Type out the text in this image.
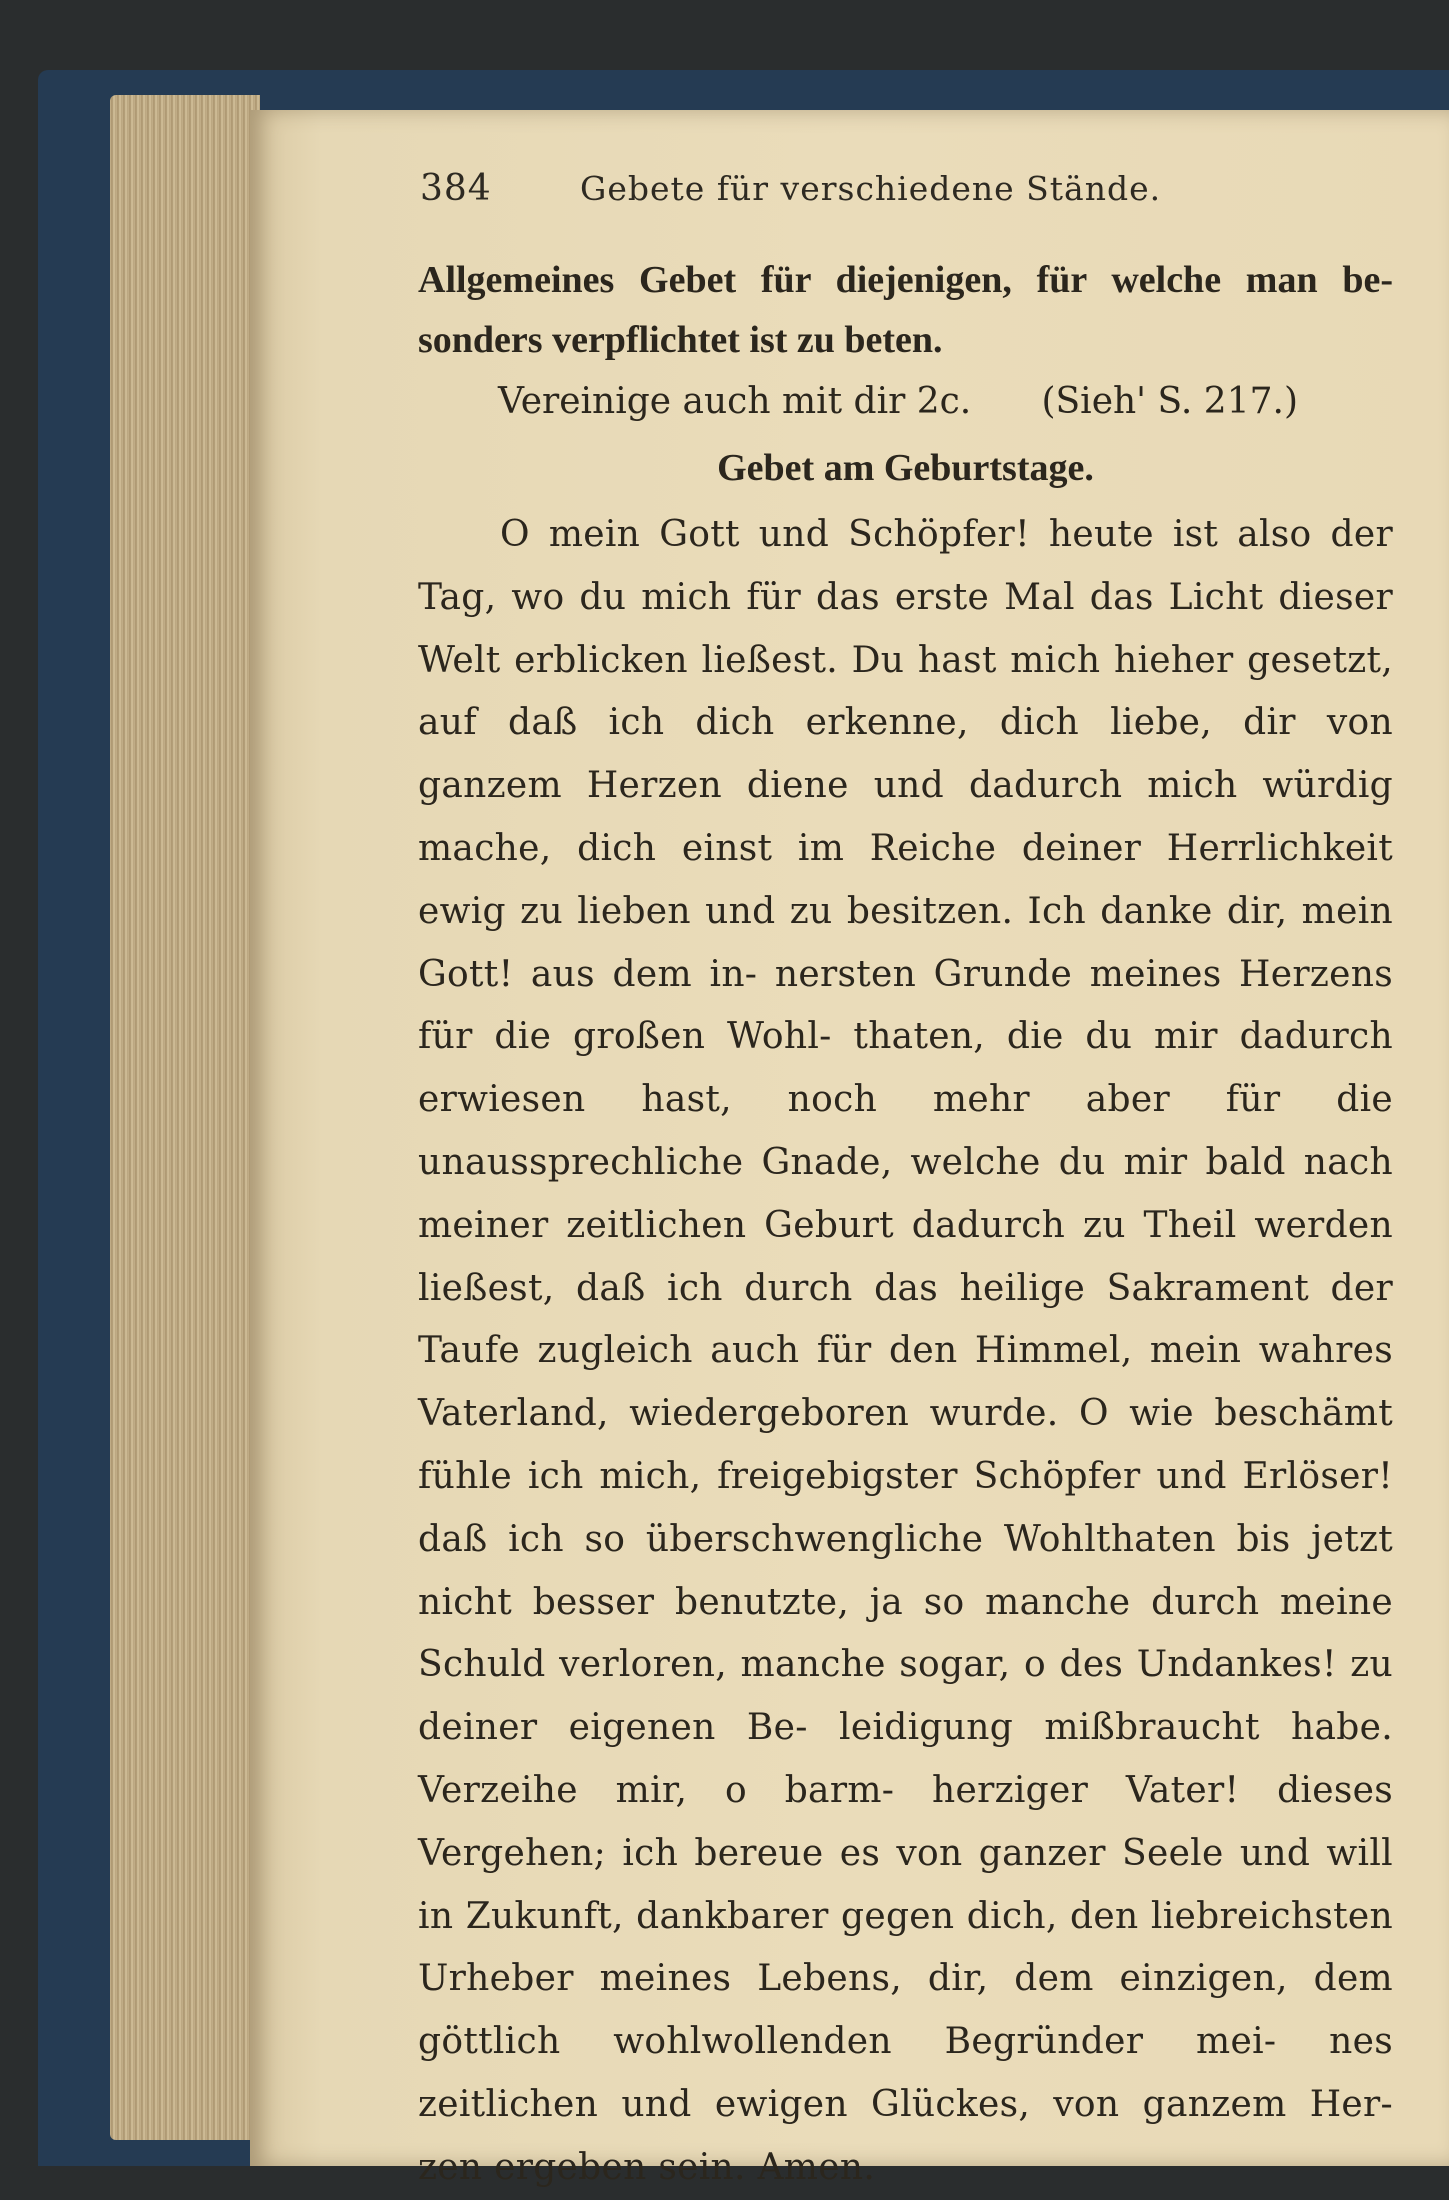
384	Gebete für verschiedene Stände.

Allgemeines Gebet für diejenigen, für welche man be- sonders verpflichtet ist zu beten.

Vereinige auch mit dir 2c. (Sieh' S. 217.)

Gebet am Geburtstage.

O mein Gott und Schöpfer! heute ist also der Tag, wo du mich für das erste Mal das Licht dieser Welt erblicken ließest. Du hast mich hieher gesetzt, auf daß ich dich erkenne, dich liebe, dir von ganzem Herzen diene und dadurch mich würdig mache, dich einst im Reiche deiner Herrlichkeit ewig zu lieben und zu besitzen. Ich danke dir, mein Gott! aus dem in- nersten Grunde meines Herzens für die großen Wohl- thaten, die du mir dadurch erwiesen hast, noch mehr aber für die unaussprechliche Gnade, welche du mir bald nach meiner zeitlichen Geburt dadurch zu Theil werden ließest, daß ich durch das heilige Sakrament der Taufe zugleich auch für den Himmel, mein wahres Vaterland, wiedergeboren wurde. O wie beschämt fühle ich mich, freigebigster Schöpfer und Erlöser! daß ich so überschwengliche Wohlthaten bis jetzt nicht besser benutzte, ja so manche durch meine Schuld verloren, manche sogar, o des Undankes! zu deiner eigenen Be- leidigung mißbraucht habe. Verzeihe mir, o barm- herziger Vater! dieses Vergehen; ich bereue es von ganzer Seele und will in Zukunft, dankbarer gegen dich, den liebreichsten Urheber meines Lebens, dir, dem einzigen, dem göttlich wohlwollenden Begründer mei- nes zeitlichen und ewigen Glückes, von ganzem Her- zen ergeben sein. Amen.
